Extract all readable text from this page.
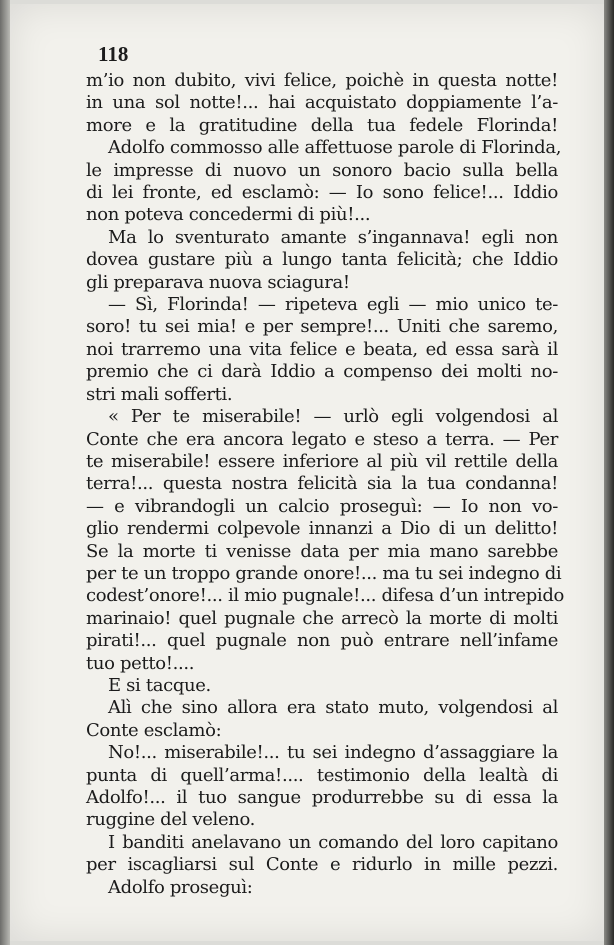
118

m’io non dubito, vivi felice, poichè in questa notte!
in una sol notte!... hai acquistato doppiamente l’a-
more e la gratitudine della tua fedele Florinda!
Adolfo commosso alle affettuose parole di Florinda,
le impresse di nuovo un sonoro bacio sulla bella
di lei fronte, ed esclamò: — Io sono felice!... Iddio
non poteva concedermi di più!...
Ma lo sventurato amante s’ingannava! egli non
dovea gustare più a lungo tanta felicità; che Iddio
gli preparava nuova sciagura!
— Sì, Florinda! — ripeteva egli — mio unico te-
soro! tu sei mia! e per sempre!... Uniti che saremo,
noi trarremo una vita felice e beata, ed essa sarà il
premio che ci darà Iddio a compenso dei molti no-
stri mali sofferti.
« Per te miserabile! — urlò egli volgendosi al
Conte che era ancora legato e steso a terra. — Per
te miserabile! essere inferiore al più vil rettile della
terra!... questa nostra felicità sia la tua condanna!
— e vibrandogli un calcio proseguì: — Io non vo-
glio rendermi colpevole innanzi a Dio di un delitto!
Se la morte ti venisse data per mia mano sarebbe
per te un troppo grande onore!... ma tu sei indegno di
codest’onore!... il mio pugnale!... difesa d’un intrepido
marinaio! quel pugnale che arrecò la morte di molti
pirati!... quel pugnale non può entrare nell’infame
tuo petto!....
E si tacque.
Alì che sino allora era stato muto, volgendosi al
Conte esclamò:
No!... miserabile!... tu sei indegno d’assaggiare la
punta di quell’arma!.... testimonio della lealtà di
Adolfo!... il tuo sangue produrrebbe su di essa la
ruggine del veleno.
I banditi anelavano un comando del loro capitano
per iscagliarsi sul Conte e ridurlo in mille pezzi.
Adolfo proseguì:
